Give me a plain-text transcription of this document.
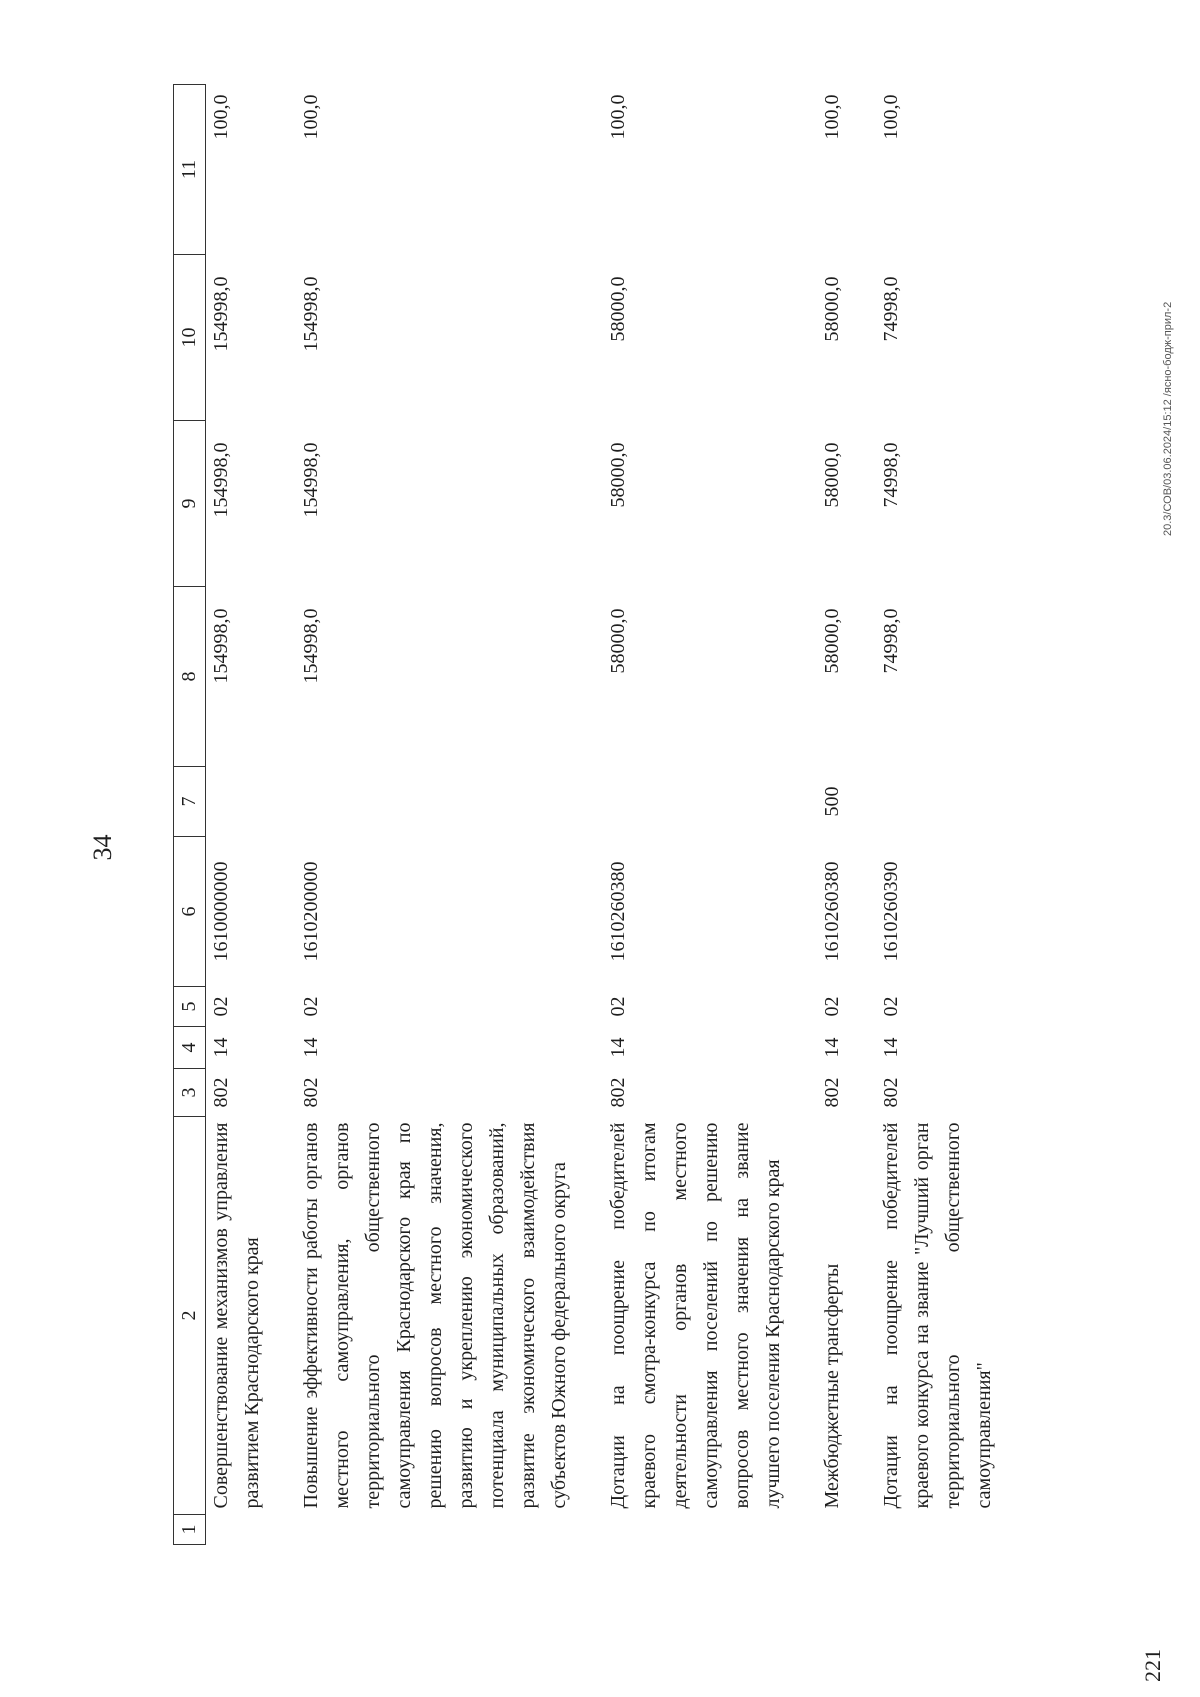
34
1	2	3	4	5	6	7	8	9	10	11
	Совершенствование механизмов управления развитием Краснодарского края	802	14	02	1610000000		154998,0	154998,0	154998,0	100,0
	Повышение эффективности работы органов местного самоуправления, органов территориального общественного самоуправления Краснодарского края по решению вопросов местного значения, развитию и укреплению экономического потенциала муниципальных образований, развитие экономического взаимодействия субъектов Южного федерального округа	802	14	02	1610200000		154998,0	154998,0	154998,0	100,0
	Дотации на поощрение победителей краевого смотра-конкурса по итогам деятельности органов местного самоуправления поселений по решению вопросов местного значения на звание лучшего поселения Краснодарского края	802	14	02	1610260380		58000,0	58000,0	58000,0	100,0
	Межбюджетные трансферты	802	14	02	1610260380	500	58000,0	58000,0	58000,0	100,0
	Дотации на поощрение победителей краевого конкурса на звание "Лучший орган территориального общественного самоуправления"	802	14	02	1610260390		74998,0	74998,0	74998,0	100,0
20.3/СОВ/03.06.2024/15:12 /ясно-бодж-прил-2
221
